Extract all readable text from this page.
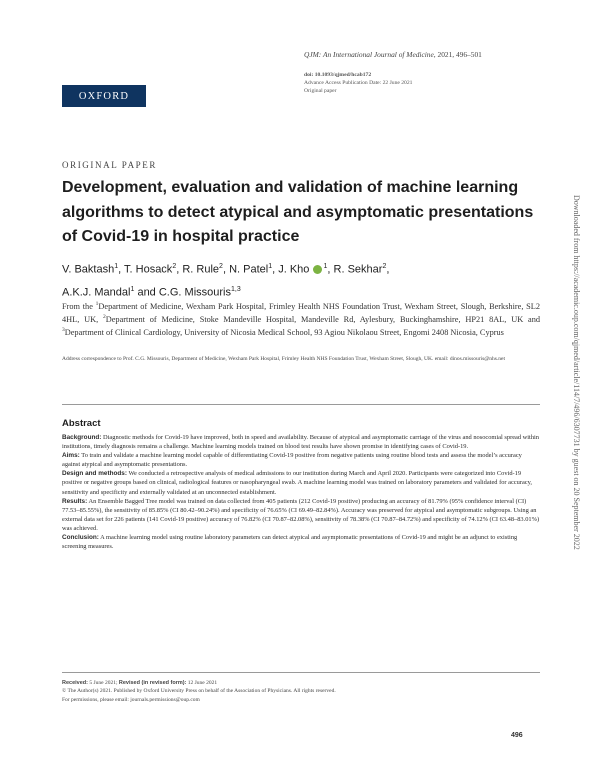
OXFORD
QJM: An International Journal of Medicine, 2021, 496–501
doi: 10.1093/qjmed/hcab172
Advance Access Publication Date: 22 June 2021
Original paper
ORIGINAL PAPER
Development, evaluation and validation of machine learning algorithms to detect atypical and asymptomatic presentations of Covid-19 in hospital practice
V. Baktash$^1$, T. Hosack$^2$, R. Rule$^2$, N. Patel$^1$, J. Kho $^1$, R. Sekhar$^2$,
A.K.J. Mandal$^1$ and C.G. Missouris$^{1,3}$
From the $^1$Department of Medicine, Wexham Park Hospital, Frimley Health NHS Foundation Trust, Wexham Street, Slough, Berkshire, SL2 4HL, UK, $^2$Department of Medicine, Stoke Mandeville Hospital, Mandeville Rd, Aylesbury, Buckinghamshire, HP21 8AL, UK and $^3$Department of Clinical Cardiology, University of Nicosia Medical School, 93 Agiou Nikolaou Street, Engomi 2408 Nicosia, Cyprus
Address correspondence to Prof. C.G. Missouris, Department of Medicine, Wexham Park Hospital, Frimley Health NHS Foundation Trust, Wexham Street, Slough, UK. email: dinos.missouris@nhs.net
Abstract

Background: Diagnostic methods for Covid-19 have improved, both in speed and availability. Because of atypical and asymptomatic carriage of the virus and nosocomial spread within institutions, timely diagnosis remains a challenge. Machine learning models trained on blood test results have shown promise in identifying cases of Covid-19.

Aims: To train and validate a machine learning model capable of differentiating Covid-19 positive from negative patients using routine blood tests and assess the model’s accuracy against atypical and asymptomatic presentations.

Design and methods: We conducted a retrospective analysis of medical admissions to our institution during March and April 2020. Participants were categorized into Covid-19 positive or negative groups based on clinical, radiological features or nasopharyngeal swab. A machine learning model was trained on laboratory parameters and validated for accuracy, sensitivity and specificity and externally validated at an unconnected establishment.

Results: An Ensemble Bagged Tree model was trained on data collected from 405 patients (212 Covid-19 positive) producing an accuracy of 81.79% (95% confidence interval (CI) 77.53–85.55%), the sensitivity of 85.85% (CI 80.42–90.24%) and specificity of 76.65% (CI 69.49–82.84%). Accuracy was preserved for atypical and asymptomatic subgroups. Using an external data set for 226 patients (141 Covid-19 positive) accuracy of 76.82% (CI 70.87–82.08%), sensitivity of 78.38% (CI 70.87–84.72%) and specificity of 74.12% (CI 63.48–83.01%) was achieved.

Conclusion: A machine learning model using routine laboratory parameters can detect atypical and asymptomatic presentations of Covid-19 and might be an adjunct to existing screening measures.

Received: 5 June 2021; Revised (in revised form): 12 June 2021
© The Author(s) 2021. Published by Oxford University Press on behalf of the Association of Physicians. All rights reserved.
For permissions, please email: journals.permissions@oup.com
496
Downloaded from https://academic.oup.com/qjmed/article/114/7/496/6307731 by guest on 20 September 2022
